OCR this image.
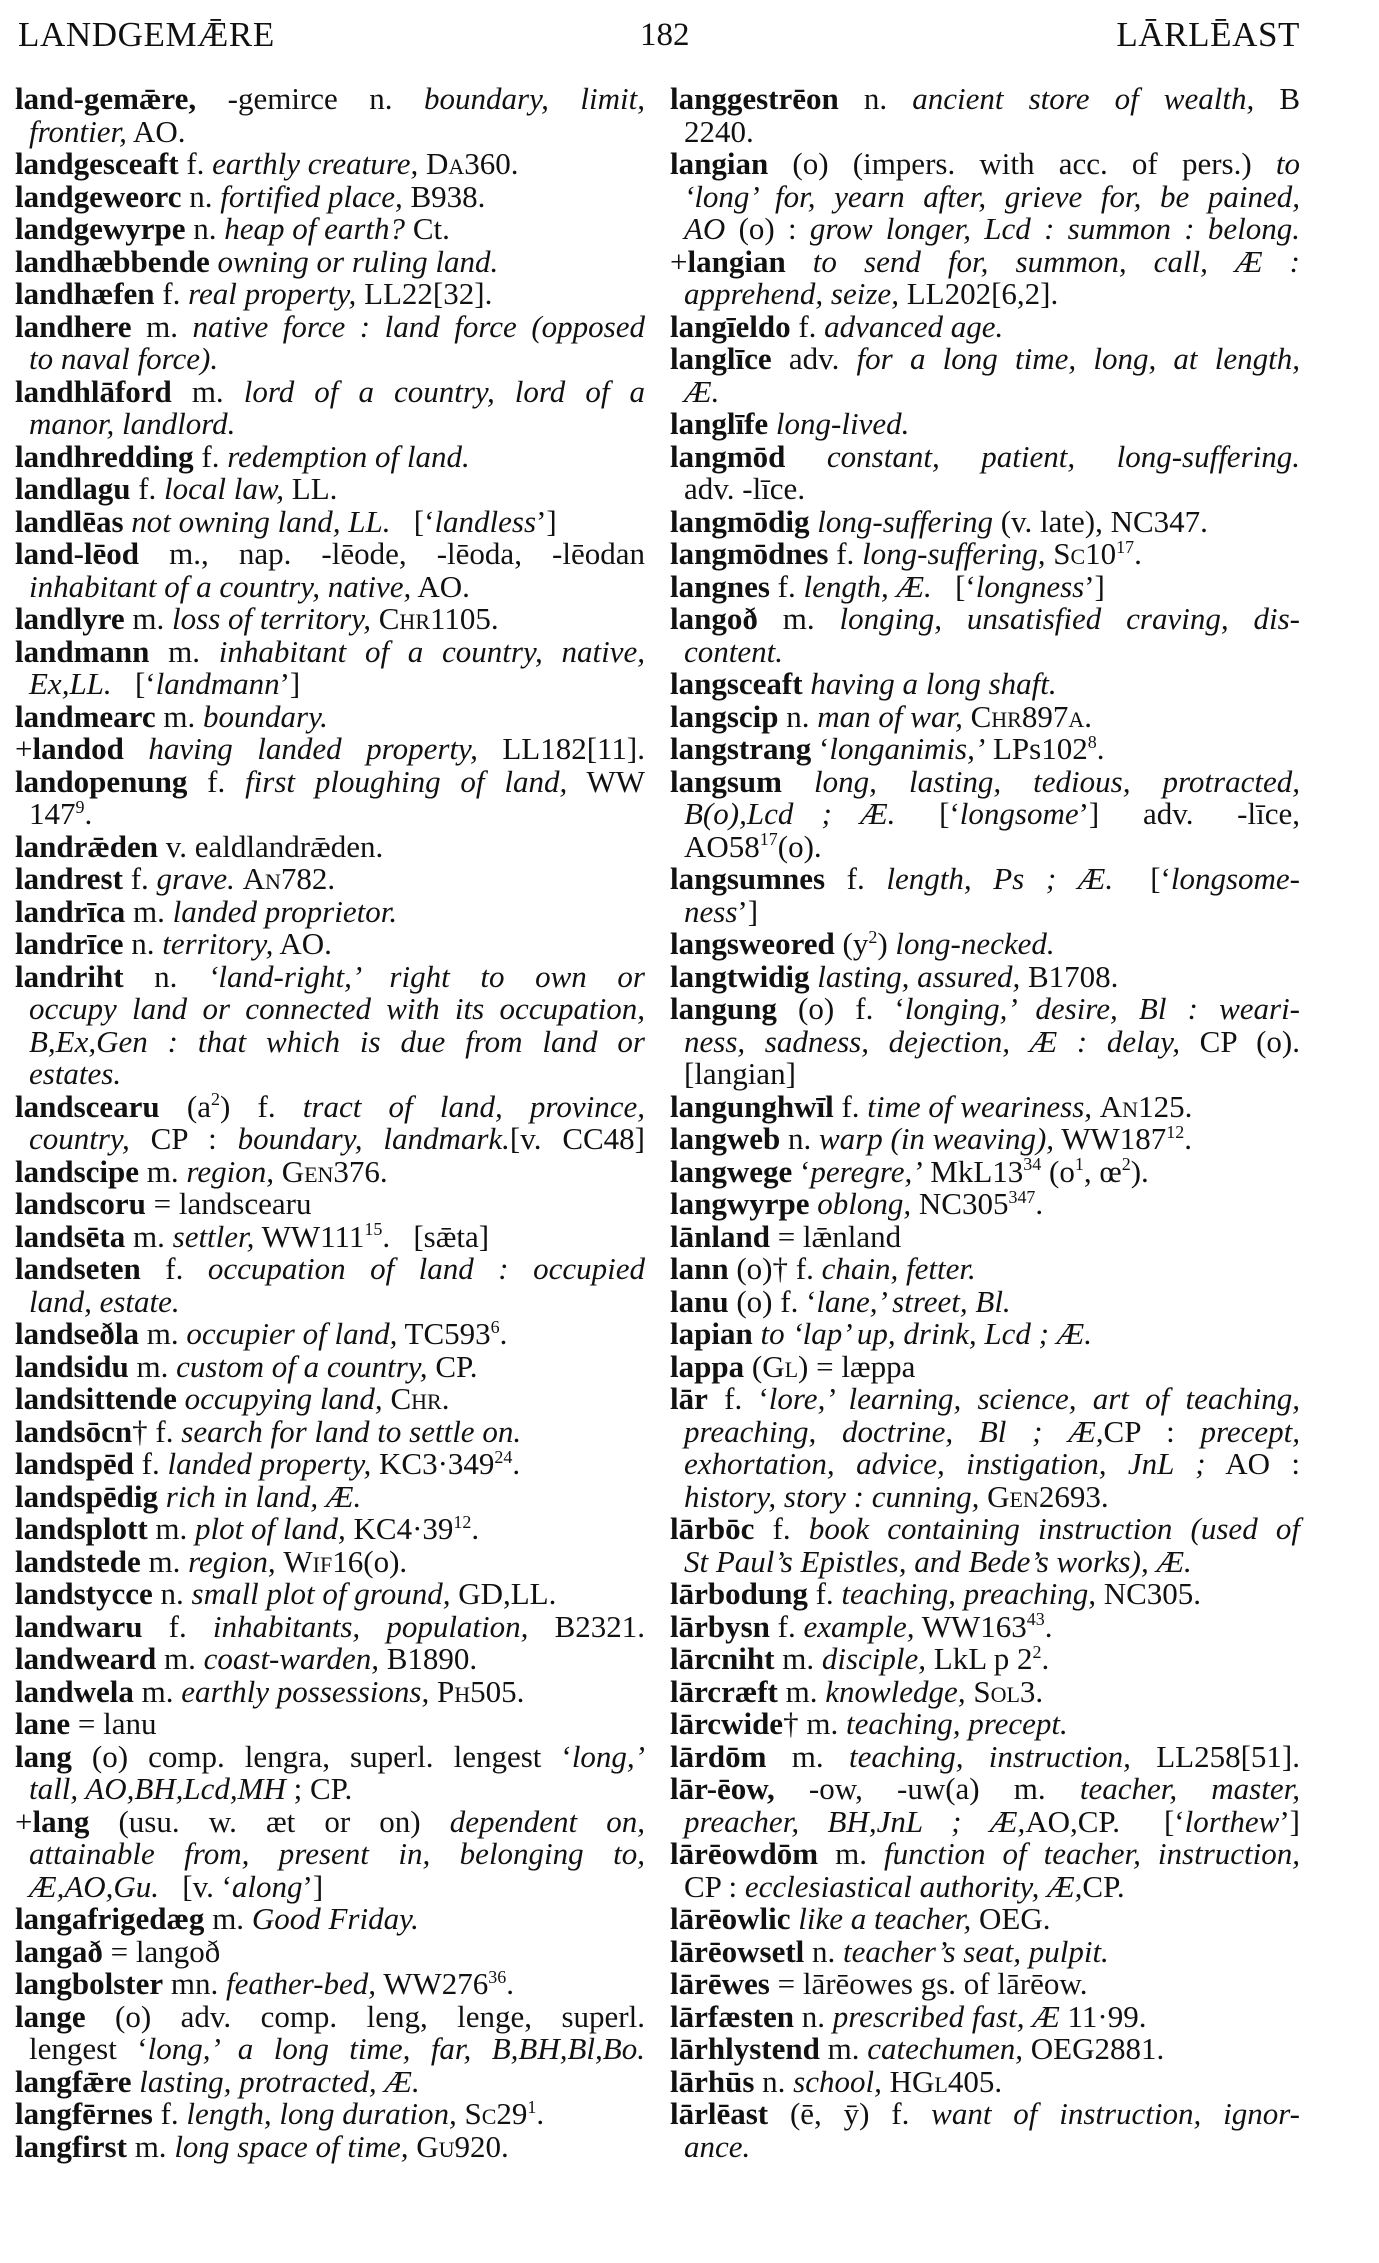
LANDGEMǢRE	182	LĀRLĒAST
land-gemǣre, -gemirce n. boundary, limit,
frontier, AO.
landgesceaft f. earthly creature, Da360.
landgeweorc n. fortified place, B938.
landgewyrpe n. heap of earth? Ct.
landhæbbende owning or ruling land.
landhæfen f. real property, LL22[32].
landhere m. native force : land force (opposed
to naval force).
landhlāford m. lord of a country, lord of a
manor, landlord.
landhredding f. redemption of land.
landlagu f. local law, LL.
landlēas not owning land, LL.  [‘landless’]
land-lēod m., nap. -lēode, -lēoda, -lēodan
inhabitant of a country, native, AO.
landlyre m. loss of territory, Chr1105.
landmann m. inhabitant of a country, native,
Ex,LL.  [‘landmann’]
landmearc m. boundary.
+landod having landed property, LL182[11].
landopenung f. first ploughing of land, WW
$147^9$.
landrǣden v. ealdlandrǣden.
landrest f. grave. An782.
landrīca m. landed proprietor.
landrīce n. territory, AO.
landriht n. ‘land-right,’ right to own or
occupy land or connected with its occupation,
B,Ex,Gen : that which is due from land or
estates.
landscearu $(a^2)$ f. tract of land, province,
country, CP : boundary, landmark.[v. CC48]
landscipe m. region, Gen376.
landscoru = landscearu
landsēta m. settler, $WW111^{15}$.  [sǣta]
landseten f. occupation of land : occupied
land, estate.
landseðla m. occupier of land, $TC593^6$.
landsidu m. custom of a country, CP.
landsittende occupying land, Chr.
landsōcn† f. search for land to settle on.
landspēd f. landed property, $KC3\cdot 349^{24}$.
landspēdig rich in land, Æ.
landsplott m. plot of land, $KC4\cdot 39^{12}$.
landstede m. region, Wif16(o).
landstycce n. small plot of ground, GD,LL.
landwaru f. inhabitants, population, B2321.
landweard m. coast-warden, B1890.
landwela m. earthly possessions, Ph505.
lane = lanu
lang (o) comp. lengra, superl. lengest ‘long,’
tall, AO,BH,Lcd,MH ; CP.
+lang (usu. w. æt or on) dependent on,
attainable from, present in, belonging to,
Æ,AO,Gu.  [v. ‘along’]
langafrigedæg m. Good Friday.
langað = langoð
langbolster mn. feather-bed, $WW276^{36}$.
lange (o) adv. comp. leng, lenge, superl.
lengest ‘long,’ a long time, far, B,BH,Bl,Bo.
langfǣre lasting, protracted, Æ.
langfērnes f. length, long duration, $Sc29^1$.
langfirst m. long space of time, Gu920.
langgestrēon n. ancient store of wealth, B
2240.
langian (o) (impers. with acc. of pers.) to
‘long’ for, yearn after, grieve for, be pained,
AO (o) : grow longer, Lcd : summon : belong.
+langian to send for, summon, call, Æ :
apprehend, seize, LL202[6,2].
langīeldo f. advanced age.
langlīce adv. for a long time, long, at length,
Æ.
langlīfe long-lived.
langmōd constant, patient, long-suffering.
adv. -līce.
langmōdig long-suffering (v. late), NC347.
langmōdnes f. long-suffering, $Sc10^{17}$.
langnes f. length, Æ.  [‘longness’]
langoð m. longing, unsatisfied craving, dis-
content.
langsceaft having a long shaft.
langscip n. man of war, Chr897a.
langstrang ‘longanimis,’ $LPs102^8$.
langsum long, lasting, tedious, protracted,
B(o),Lcd ; Æ.  [‘longsome’]  adv.  -līce,
$AO58^{17}(o)$.
langsumnes f. length, Ps ; Æ.  [‘longsome-
ness’]
langsweored $(y^2)$ long-necked.
langtwidig lasting, assured, B1708.
langung (o) f. ‘longing,’ desire, Bl : weari-
ness, sadness, dejection, Æ : delay, CP (o).
[langian]
langunghwīl f. time of weariness, An125.
langweb n. warp (in weaving), $WW187^{12}$.
langwege ‘peregre,’ $MkL13^{34}$ ($o^1$, $œ^2$).
langwyrpe oblong, $NC305^{347}$.
lānland = lǣnland
lann (o)† f. chain, fetter.
lanu (o) f. ‘lane,’ street, Bl.
lapian to ‘lap’ up, drink, Lcd ; Æ.
lappa (Gl) = læppa
lār f. ‘lore,’ learning, science, art of teaching,
preaching, doctrine, Bl ; Æ,CP : precept,
exhortation, advice, instigation, JnL ; AO :
history, story : cunning, Gen2693.
lārbōc f. book containing instruction (used of
St Paul’s Epistles, and Bede’s works), Æ.
lārbodung f. teaching, preaching, NC305.
lārbysn f. example, $WW163^{43}$.
lārcniht m. disciple, LkL p $2^2$.
lārcræft m. knowledge, Sol3.
lārcwide† m. teaching, precept.
lārdōm m. teaching, instruction, LL258[51].
lār-ēow, -ow, -uw(a) m. teacher, master,
preacher, BH,JnL ; Æ,AO,CP.  [‘lorthew’]
lārēowdōm m. function of teacher, instruction,
CP : ecclesiastical authority, Æ,CP.
lārēowlic like a teacher, OEG.
lārēowsetl n. teacher’s seat, pulpit.
lārēwes = lārēowes gs. of lārēow.
lārfæsten n. prescribed fast, Æ 11·99.
lārhlystend m. catechumen, OEG2881.
lārhūs n. school, HGl405.
lārlēast (ē, ȳ) f. want of instruction, ignor-
ance.
